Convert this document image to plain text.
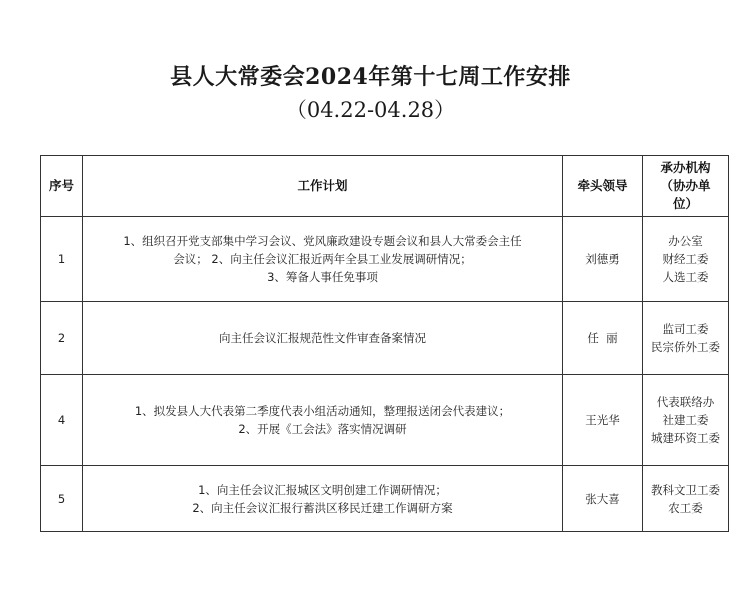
县人大常委会2024年第十七周工作安排
（04.22-04.28）
序号	工作计划	牵头领导	承办机构
（协办单
位）

1	1、组织召开党支部集中学习会议、党风廉政建设专题会议和县人大常委会主任
会议； 2、向主任会议汇报近两年全县工业发展调研情况；
3、筹备人事任免事项	刘德勇	办公室
财经工委
人选工委

2	向主任会议汇报规范性文件审查备案情况	任  丽	监司工委
民宗侨外工委

4	1、拟发县人大代表第二季度代表小组活动通知，整理报送闭会代表建议；
2、开展《工会法》落实情况调研	王光华	代表联络办
社建工委
城建环资工委

5	1、向主任会议汇报城区文明创建工作调研情况；
2、向主任会议汇报行蓄洪区移民迁建工作调研方案	张大喜	教科文卫工委
农工委
